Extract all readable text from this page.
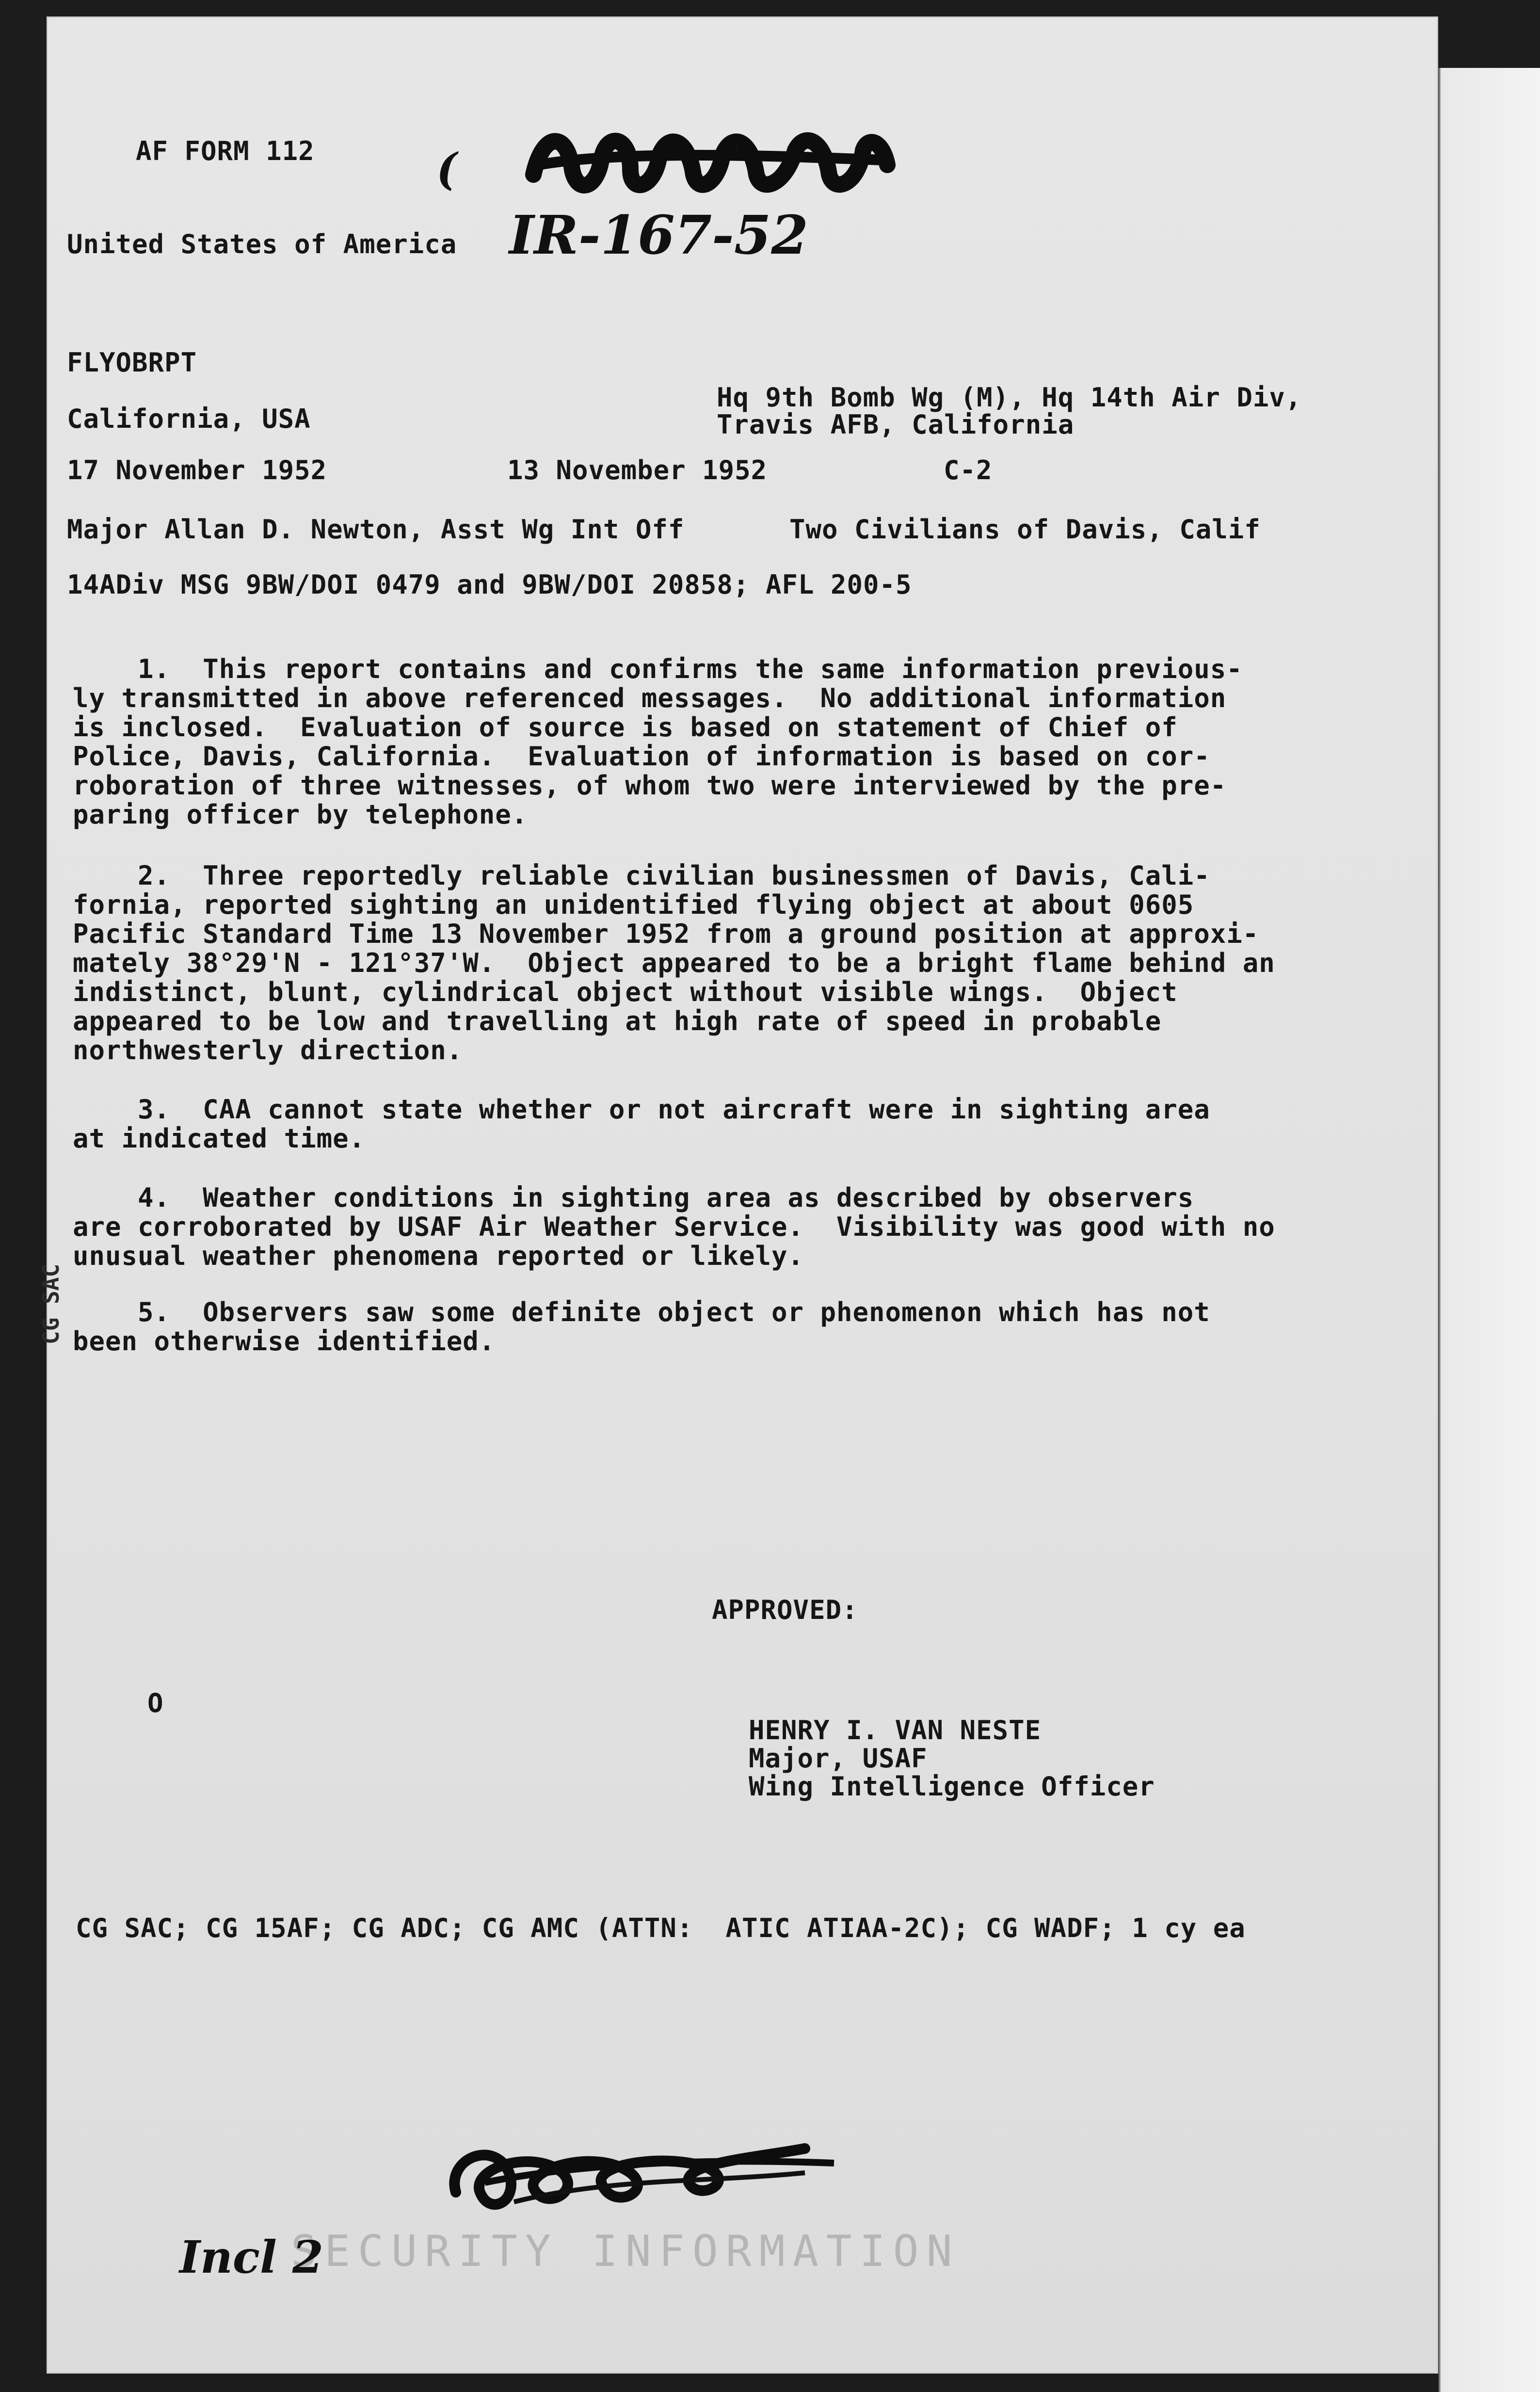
AF FORM 112	(
United States of America IR-167-52
FLYOBRPT
California, USA
Hq 9th Bomb Wg (M), Hq 14th Air Div,
Travis AFB, California
17 November 1952	13 November 1952	C-2
Major Allan D. Newton, Asst Wg Int Off	Two Civilians of Davis, Calif
14ADiv MSG 9BW/DOI 0479 and 9BW/DOI 20858; AFL 200-5
1.  This report contains and confirms the same information previous-
ly transmitted in above referenced messages.  No additional information
is inclosed.  Evaluation of source is based on statement of Chief of
Police, Davis, California.  Evaluation of information is based on cor-
roboration of three witnesses, of whom two were interviewed by the pre-
paring officer by telephone.
2.  Three reportedly reliable civilian businessmen of Davis, Cali-
fornia, reported sighting an unidentified flying object at about 0605
Pacific Standard Time 13 November 1952 from a ground position at approxi-
mately 38°29'N - 121°37'W.  Object appeared to be a bright flame behind an
indistinct, blunt, cylindrical object without visible wings.  Object
appeared to be low and travelling at high rate of speed in probable
northwesterly direction.
3.  CAA cannot state whether or not aircraft were in sighting area
at indicated time.
4.  Weather conditions in sighting area as described by observers
are corroborated by USAF Air Weather Service.  Visibility was good with no
unusual weather phenomena reported or likely.
5.  Observers saw some definite object or phenomenon which has not
been otherwise identified.
CG SAC
APPROVED:
O
HENRY I. VAN NESTE
Major, USAF
Wing Intelligence Officer
CG SAC; CG 15AF; CG ADC; CG AMC (ATTN:  ATIC ATIAA-2C); CG WADF; 1 cy ea
SECURITY INFORMATION
Incl 2
